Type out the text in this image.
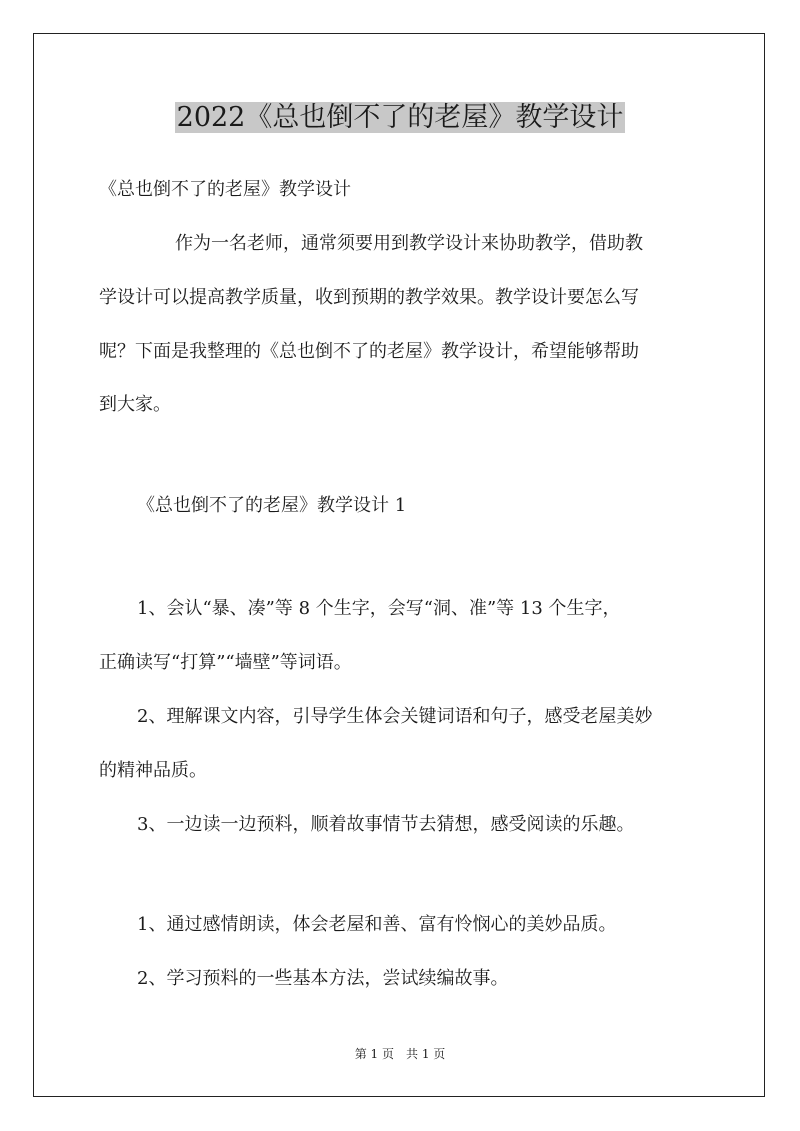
2022《总也倒不了的老屋》教学设计
《总也倒不了的老屋》教学设计
作为一名老师，通常须要用到教学设计来协助教学，借助教
学设计可以提高教学质量，收到预期的教学效果。教学设计要怎么写
呢？下面是我整理的《总也倒不了的老屋》教学设计，希望能够帮助
到大家。
《总也倒不了的老屋》教学设计 1
1、会认“暴、凑”等 8 个生字，会写“洞、准”等 13 个生字，
正确读写“打算”“墙壁”等词语。
2、理解课文内容，引导学生体会关键词语和句子，感受老屋美妙
的精神品质。
3、一边读一边预料，顺着故事情节去猜想，感受阅读的乐趣。
1、通过感情朗读，体会老屋和善、富有怜悯心的美妙品质。
2、学习预料的一些基本方法，尝试续编故事。
第 1 页　共 1 页
